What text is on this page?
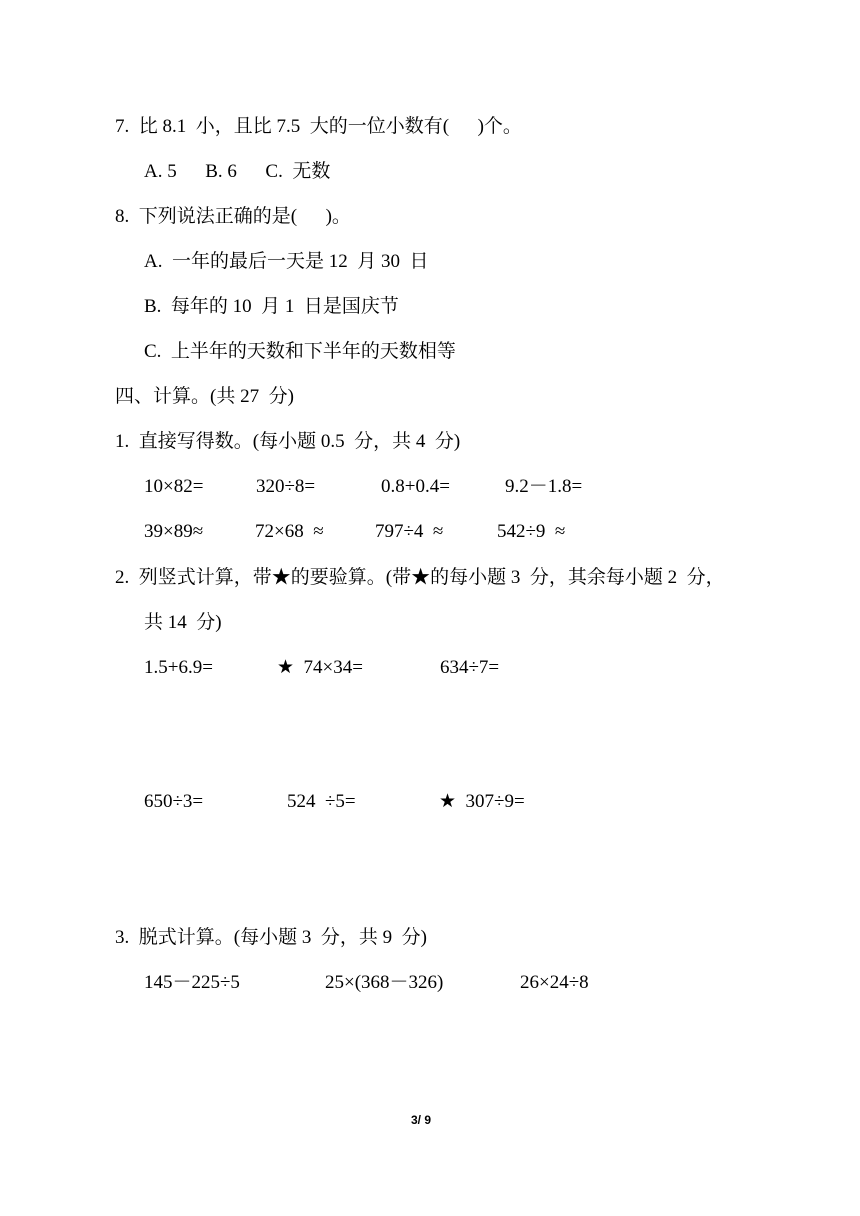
7.  比 8.1  小，且比 7.5  大的一位小数有(      )个。
A. 5      B. 6      C.  无数
8.  下列说法正确的是(      )。
A.  一年的最后一天是 12  月 30  日
B.  每年的 10  月 1  日是国庆节
C.  上半年的天数和下半年的天数相等
四、计算。(共 27  分)
1.  直接写得数。(每小题 0.5  分，共 4  分)
10×82=	320÷8=	0.8+0.4=	9.2－1.8=
39×89≈	72×68  ≈	797÷4  ≈	542÷9  ≈
2.  列竖式计算，带★的要验算。(带★的每小题 3  分，其余每小题 2  分，
共 14  分)
1.5+6.9=	★  74×34=	634÷7=
650÷3=	524  ÷5=	★  307÷9=
3.  脱式计算。(每小题 3  分，共 9  分)
145－225÷5	25×(368－326)	26×24÷8
3/ 9
